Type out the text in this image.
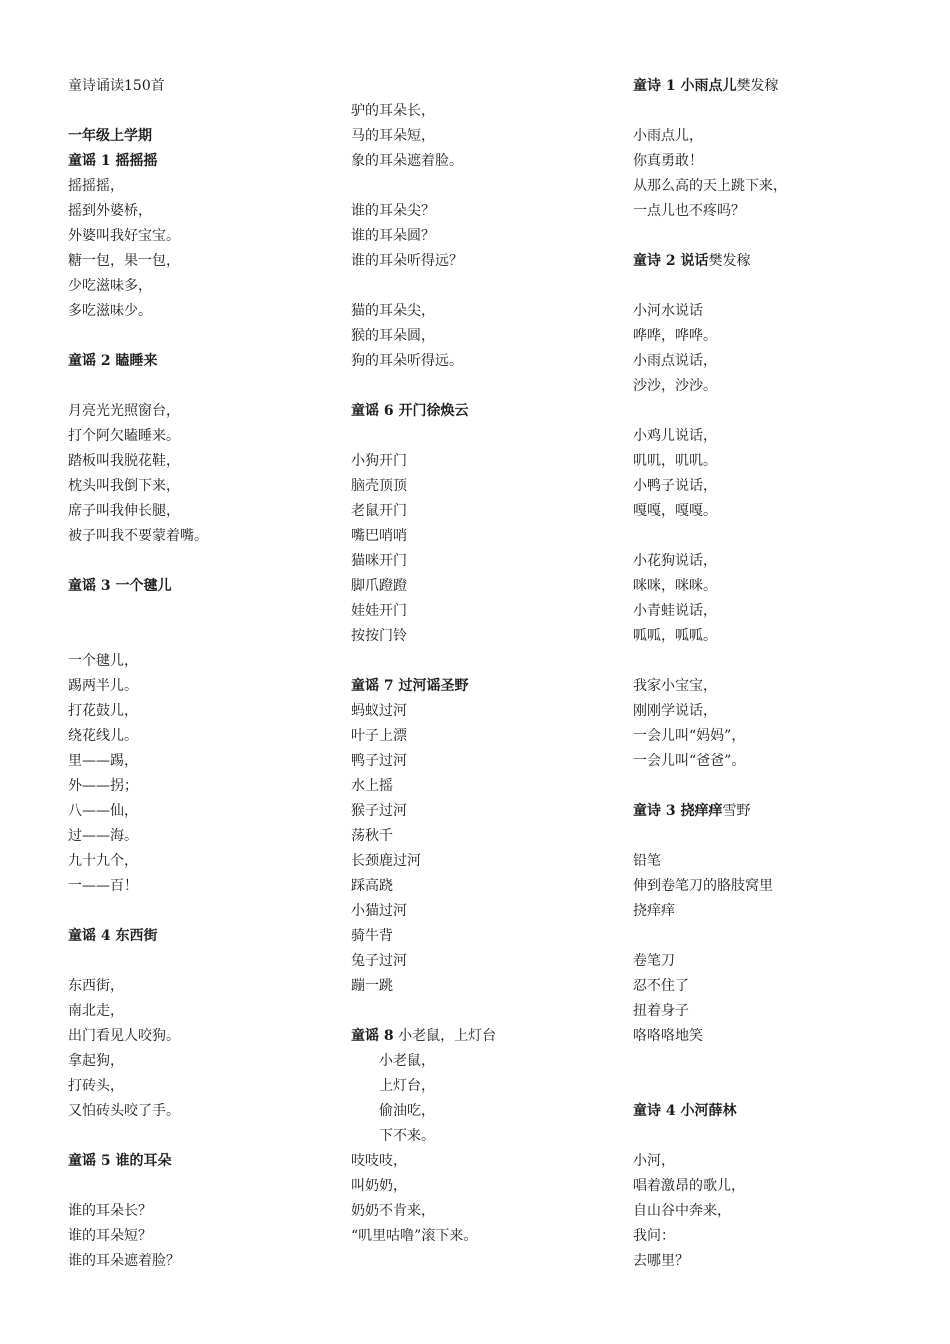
童诗诵读150首
一年级上学期
童谣 1 摇摇摇
摇摇摇，
摇到外婆桥，
外婆叫我好宝宝。
糖一包，果一包，
少吃滋味多，
多吃滋味少。
童谣 2 瞌睡来
月亮光光照窗台，
打个阿欠瞌睡来。
踏板叫我脱花鞋，
枕头叫我倒下来，
席子叫我伸长腿，
被子叫我不要蒙着嘴。
童谣 3 一个毽儿
一个毽儿，
踢两半儿。
打花鼓儿，
绕花线儿。
里——踢，
外——拐；
八——仙，
过——海。
九十九个，
一——百！
童谣 4 东西街
东西街，
南北走，
出门看见人咬狗。
拿起狗，
打砖头，
又怕砖头咬了手。
童谣 5 谁的耳朵
谁的耳朵长？
谁的耳朵短？
谁的耳朵遮着脸？
驴的耳朵长，
马的耳朵短，
象的耳朵遮着脸。
谁的耳朵尖？
谁的耳朵圆？
谁的耳朵听得远？
猫的耳朵尖，
猴的耳朵圆，
狗的耳朵听得远。
童谣 6 开门徐焕云
小狗开门
脑壳顶顶
老鼠开门
嘴巴哨哨
猫咪开门
脚爪蹬蹬
娃娃开门
按按门铃
童谣 7 过河谣圣野
蚂蚁过河
叶子上漂
鸭子过河
水上摇
猴子过河
荡秋千
长颈鹿过河
踩高跷
小猫过河
骑牛背
兔子过河
蹦一跳
童谣 8 小老鼠，上灯台
小老鼠，
上灯台，
偷油吃，
下不来。
吱吱吱，
叫奶奶，
奶奶不肯来，
“叽里咕噜”滚下来。
童诗 1 小雨点儿樊发稼
小雨点儿，
你真勇敢！
从那么高的天上跳下来，
一点儿也不疼吗？
童诗 2 说话樊发稼
小河水说话
哗哗，哗哗。
小雨点说话，
沙沙，沙沙。
小鸡儿说话，
叽叽，叽叽。
小鸭子说话，
嘎嘎，嘎嘎。
小花狗说话，
咪咪，咪咪。
小青蛙说话，
呱呱，呱呱。
我家小宝宝，
刚刚学说话，
一会儿叫“妈妈”，
一会儿叫“爸爸”。
童诗 3 挠痒痒雪野
铅笔
伸到卷笔刀的胳肢窝里
挠痒痒
卷笔刀
忍不住了
扭着身子
咯咯咯地笑
童诗 4 小河薛林
小河，
唱着激昂的歌儿，
自山谷中奔来，
我问：
去哪里？
